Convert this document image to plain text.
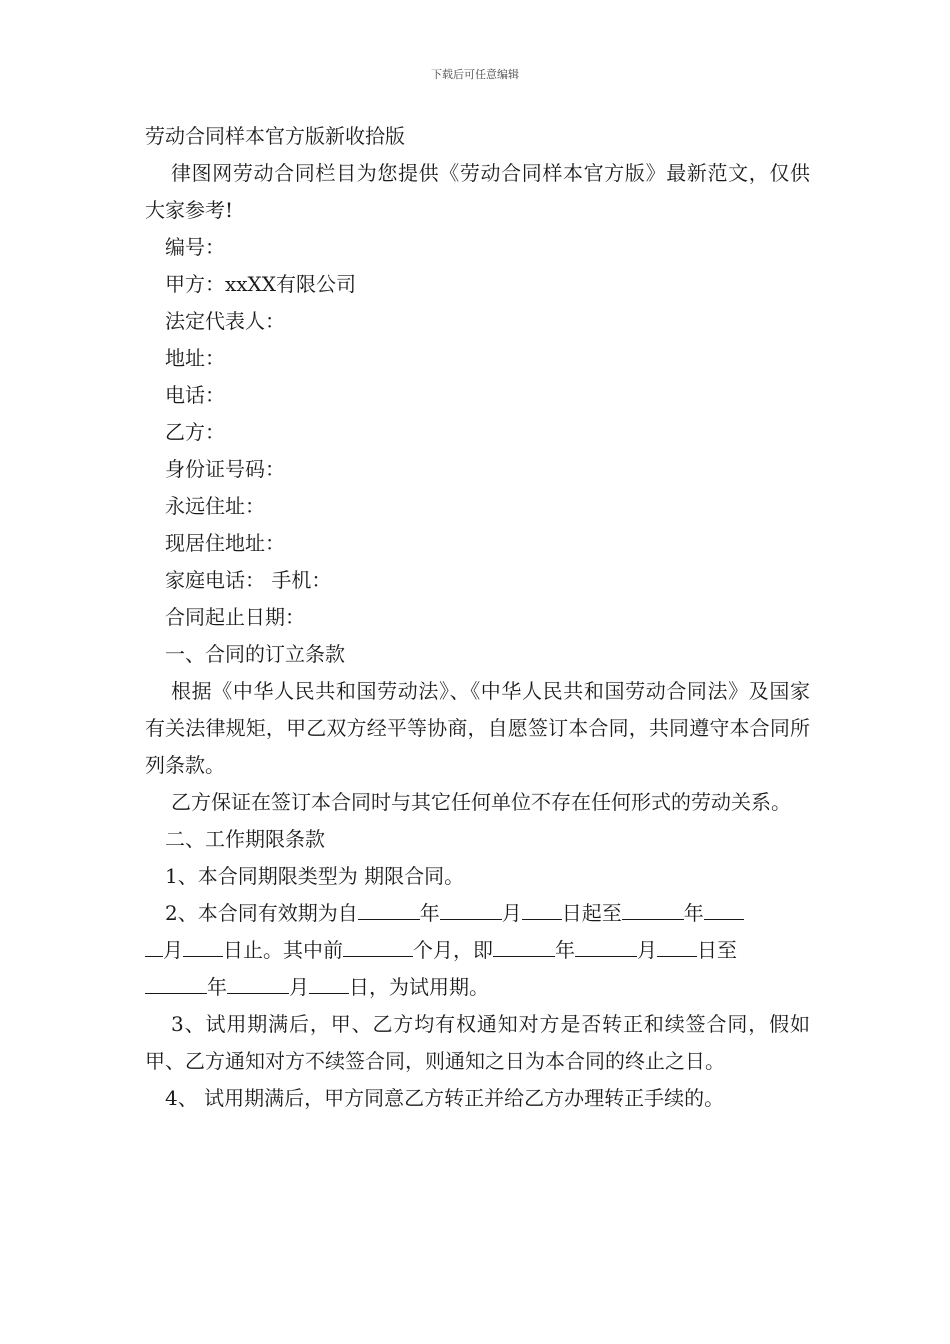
下载后可任意编辑

劳动合同样本官方版新收拾版

律图网劳动合同栏目为您提供《劳动合同样本官方版》最新范文，仅供大家参考!

编号：

甲方：xxXX有限公司

法定代表人：

地址：

电话：

乙方：

身份证号码：

永远住址：

现居住地址：

家庭电话： 手机：

合同起止日期：

一、合同的订立条款

根据《中华人民共和国劳动法》、《中华人民共和国劳动合同法》及国家有关法律规矩，甲乙双方经平等协商，自愿签订本合同，共同遵守本合同所列条款。

乙方保证在签订本合同时与其它任何单位不存在任何形式的劳动关系。

二、工作期限条款

1、本合同期限类型为 期限合同。

2、本合同有效期为自	年	月 日起至	年

月 日止。其中前	个月，即	年	月 日至

年	月 日，为试用期。

3、试用期满后，甲、乙方均有权通知对方是否转正和续签合同，假如甲、乙方通知对方不续签合同，则通知之日为本合同的终止之日。

4、 试用期满后，甲方同意乙方转正并给乙方办理转正手续的。
